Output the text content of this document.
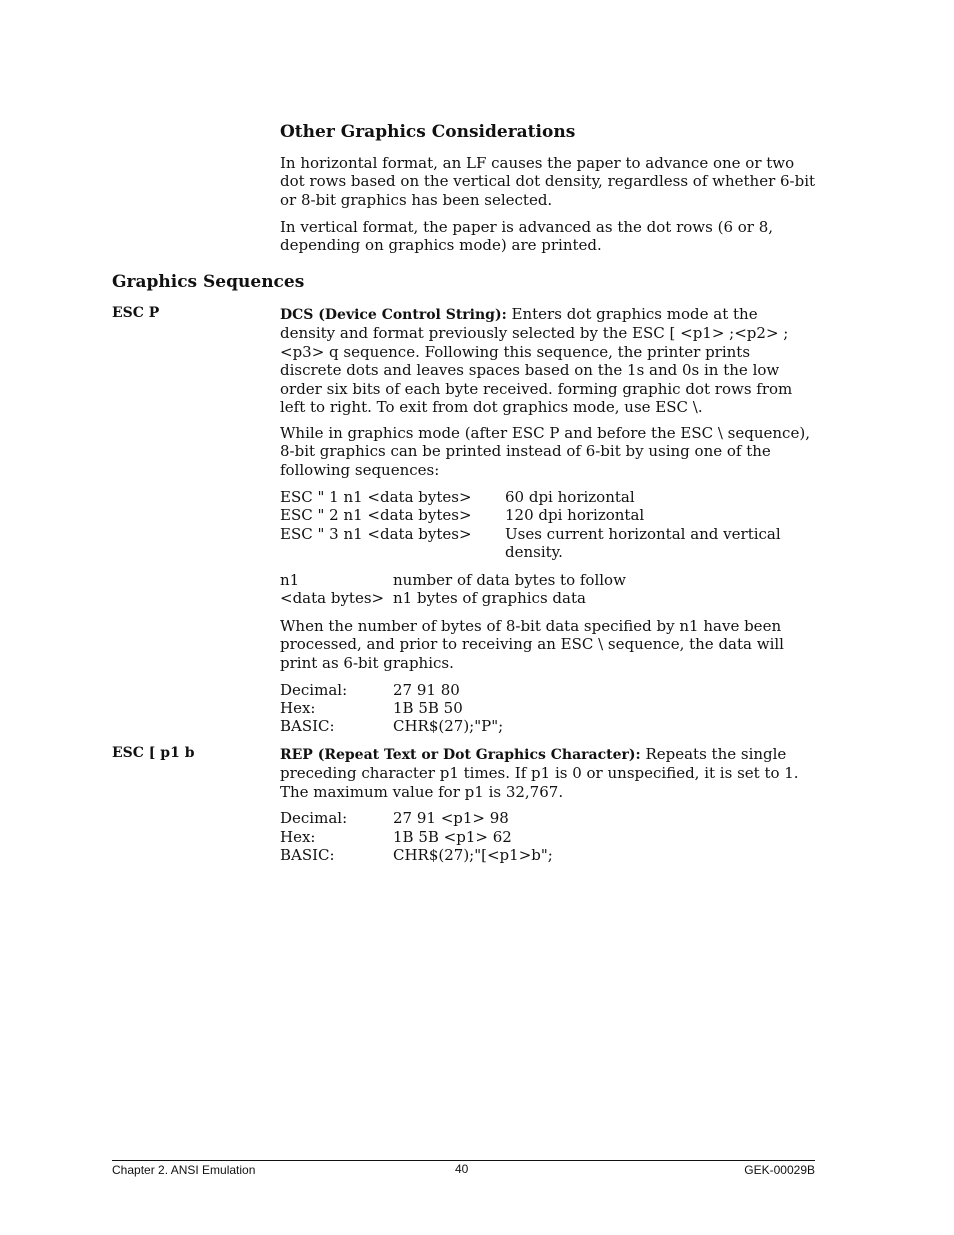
Other Graphics Considerations
In horizontal format, an LF causes the paper to advance one or two dot rows based on the vertical dot density, regardless of whether 6-bit or 8-bit graphics has been selected.
In vertical format, the paper is advanced as the dot rows (6 or 8, depending on graphics mode) are printed.
Graphics Sequences
ESC P	DCS (Device Control String): Enters dot graphics mode at the density and format previously selected by the ESC [ <p1> ;<p2> ; <p3> q sequence. Following this sequence, the printer prints discrete dots and leaves spaces based on the 1s and 0s in the low order six bits of each byte received. forming graphic dot rows from left to right. To exit from dot graphics mode, use ESC \.
While in graphics mode (after ESC P and before the ESC \ sequence), 8-bit graphics can be printed instead of 6-bit by using one of the following sequences:
ESC " 1 n1 <data bytes> 60 dpi horizontal
ESC " 2 n1 <data bytes> 120 dpi horizontal
ESC " 3 n1 <data bytes> Uses current horizontal and vertical density.
n1	number of data bytes to follow
<data bytes> n1 bytes of graphics data
When the number of bytes of 8-bit data specified by n1 have been processed, and prior to receiving an ESC \ sequence, the data will print as 6-bit graphics.
Decimal:	27 91 80
Hex:	1B 5B 50
BASIC:	CHR$(27);"P";
ESC [ p1 b	REP (Repeat Text or Dot Graphics Character): Repeats the single preceding character p1 times. If p1 is 0 or unspecified, it is set to 1. The maximum value for p1 is 32,767.
Decimal:	27 91 <p1> 98
Hex:	1B 5B <p1> 62
BASIC:	CHR$(27);"[<p1>b";
Chapter 2. ANSI Emulation	40	GEK-00029B
